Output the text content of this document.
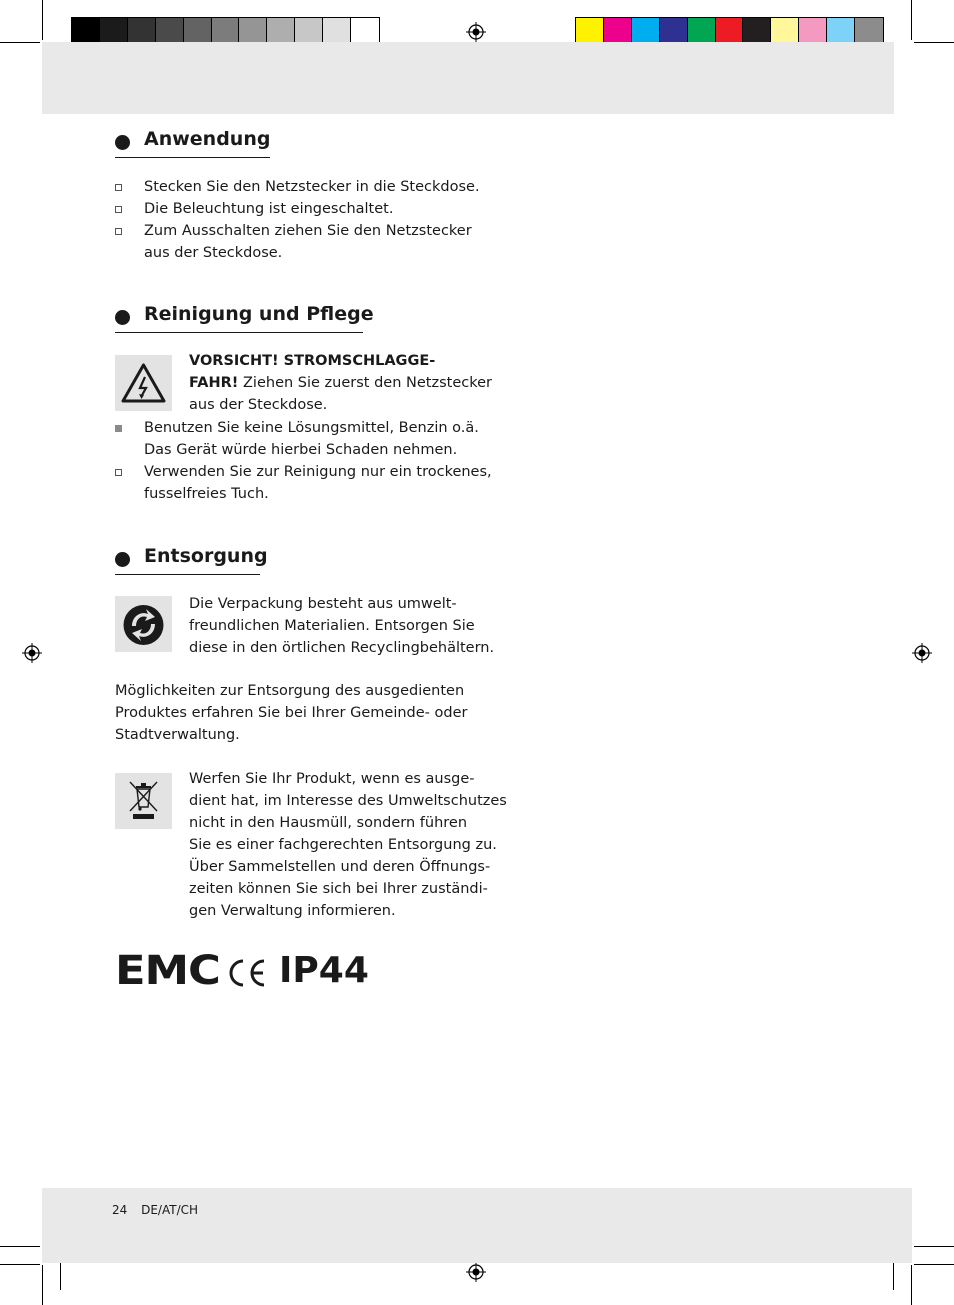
Anwendung
Stecken Sie den Netzstecker in die Steckdose.
Die Beleuchtung ist eingeschaltet.
Zum Ausschalten ziehen Sie den Netzstecker
aus der Steckdose.
Reinigung und Pflege
VORSICHT! STROMSCHLAGGE-
FAHR! Ziehen Sie zuerst den Netzstecker
aus der Steckdose.
Benutzen Sie keine Lösungsmittel, Benzin o.ä.
Das Gerät würde hierbei Schaden nehmen.
Verwenden Sie zur Reinigung nur ein trockenes,
fusselfreies Tuch.
Entsorgung
Die Verpackung besteht aus umwelt-
freundlichen Materialien. Entsorgen Sie
diese in den örtlichen Recyclingbehältern.
Möglichkeiten zur Entsorgung des ausgedienten
Produktes erfahren Sie bei Ihrer Gemeinde- oder
Stadtverwaltung.
Werfen Sie Ihr Produkt, wenn es ausge-
dient hat, im Interesse des Umweltschutzes
nicht in den Hausmüll, sondern führen
Sie es einer fachgerechten Entsorgung zu.
Über Sammelstellen und deren Öffnungs-
zeiten können Sie sich bei Ihrer zuständi-
gen Verwaltung informieren.
EMC IP44
24 DE/AT/CH
